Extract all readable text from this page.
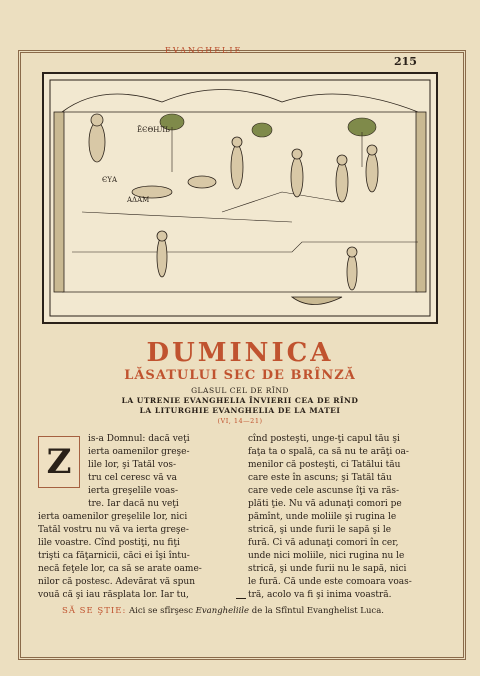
EVANGHELIE
215
ĒЄΘΗЛЬ
ЄΥΑ
ΑΔΑΜ
DUMINICA
LĂSATULUI SEC DE BRÎNZĂ
GLASUL CEL DE RÎND
LA UTRENIE EVANGHELIA ÎNVIERII CEA DE RÎND
LA LITURGHIE EVANGHELIA DE LA MATEI
(VI, 14—21)
Z
is-a Domnul: dacă veţi
ierta oamenilor greşe-
lile lor, şi Tatăl vos-
tru cel ceresc vă va
ierta greşelile voas-
tre. Iar dacă nu veţi
ierta oamenilor greşelile lor, nici
Tatăl vostru nu vă va ierta greşe-
lile voastre. Cînd postiţi, nu fiţi
trişti ca făţarnicii, căci ei îşi întu-
necă feţele lor, ca să se arate oame-
nilor că postesc. Adevărat vă spun
vouă că şi iau răsplata lor. Iar tu,
cînd posteşti, unge-ţi capul tău şi
faţa ta o spală, ca să nu te arăţi oa-
menilor că posteşti, ci Tatălui tău
care este în ascuns; şi Tatăl tău
care vede cele ascunse îţi va răs-
plăti ţie. Nu vă adunaţi comori pe
pămînt, unde moliile şi rugina le
strică, şi unde furii le sapă şi le
fură. Ci vă adunaţi comori în cer,
unde nici moliile, nici rugina nu le
strică, şi unde furii nu le sapă, nici
le fură. Că unde este comoara voas-
tră, acolo va fi şi inima voastră.
SĂ SE ŞTIE: Aici se sfîrşesc Evangheliile de la Sfîntul Evanghelist Luca.
